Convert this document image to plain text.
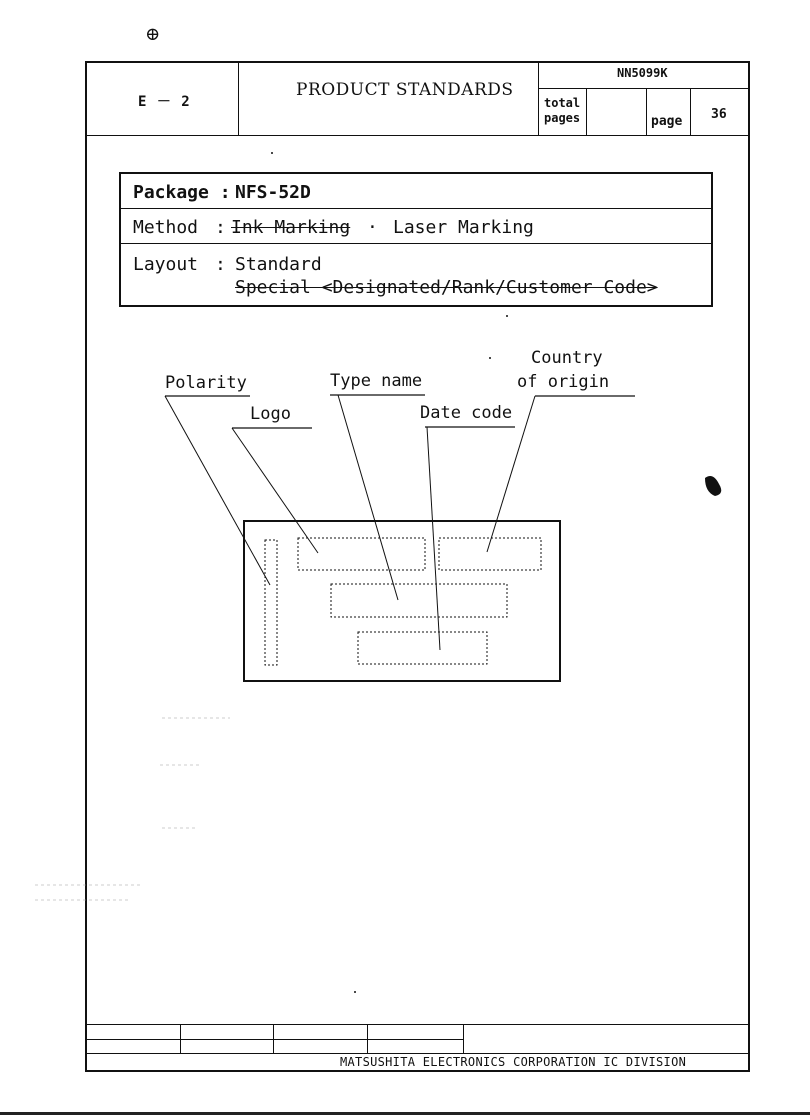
⊕
E － 2
PRODUCT STANDARDS
NN5099K
total
pages	page 36
Package : NFS-52D
Method : Ink Marking · Laser Marking
Layout : Standard
Special <Designated/Rank/Customer Code>
Polarity
Logo
Type name
Date code
Country
of origin
MATSUSHITA ELECTRONICS CORPORATION IC DIVISION
